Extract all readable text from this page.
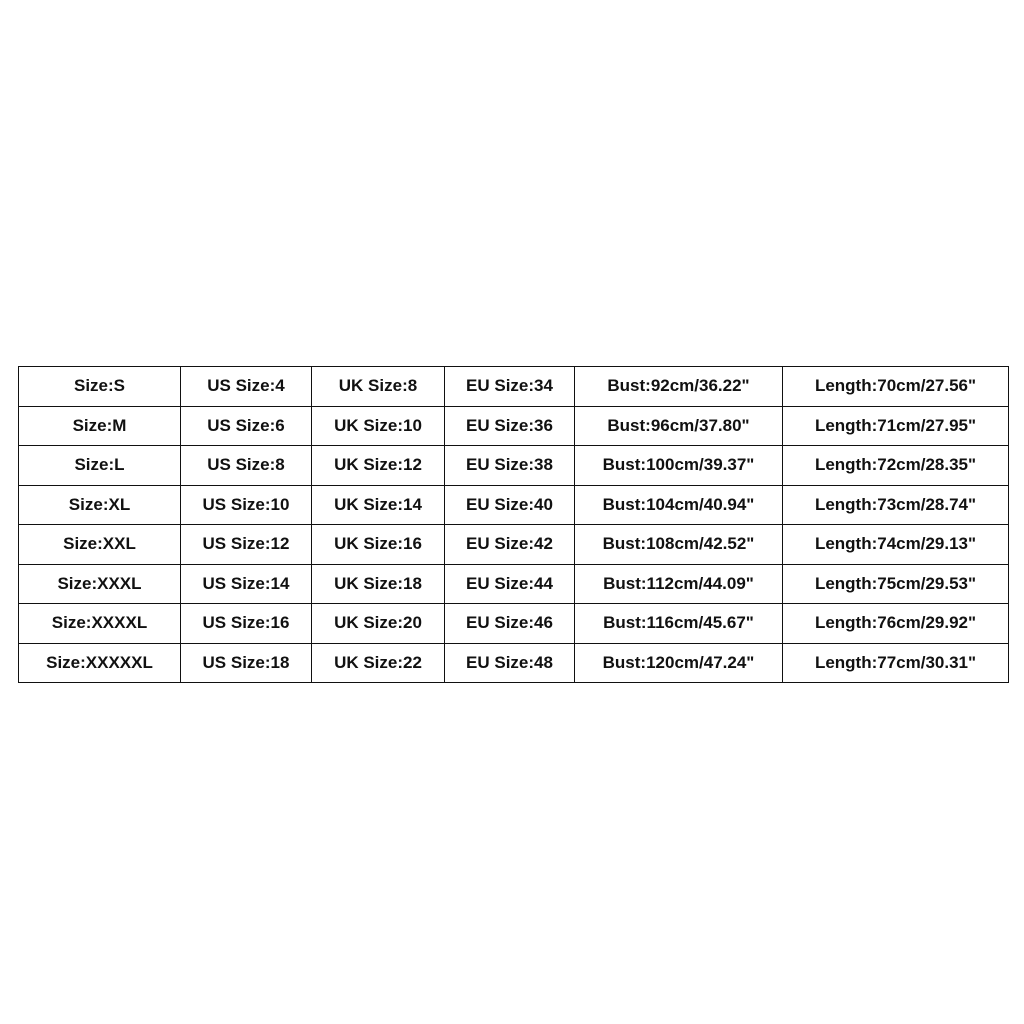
Size:S	US Size:4	UK Size:8	EU Size:34	Bust:92cm/36.22"	Length:70cm/27.56"
Size:M	US Size:6	UK Size:10	EU Size:36	Bust:96cm/37.80"	Length:71cm/27.95"
Size:L	US Size:8	UK Size:12	EU Size:38	Bust:100cm/39.37"	Length:72cm/28.35"
Size:XL	US Size:10	UK Size:14	EU Size:40	Bust:104cm/40.94"	Length:73cm/28.74"
Size:XXL	US Size:12	UK Size:16	EU Size:42	Bust:108cm/42.52"	Length:74cm/29.13"
Size:XXXL	US Size:14	UK Size:18	EU Size:44	Bust:112cm/44.09"	Length:75cm/29.53"
Size:XXXXL	US Size:16	UK Size:20	EU Size:46	Bust:116cm/45.67"	Length:76cm/29.92"
Size:XXXXXL	US Size:18	UK Size:22	EU Size:48	Bust:120cm/47.24"	Length:77cm/30.31"
